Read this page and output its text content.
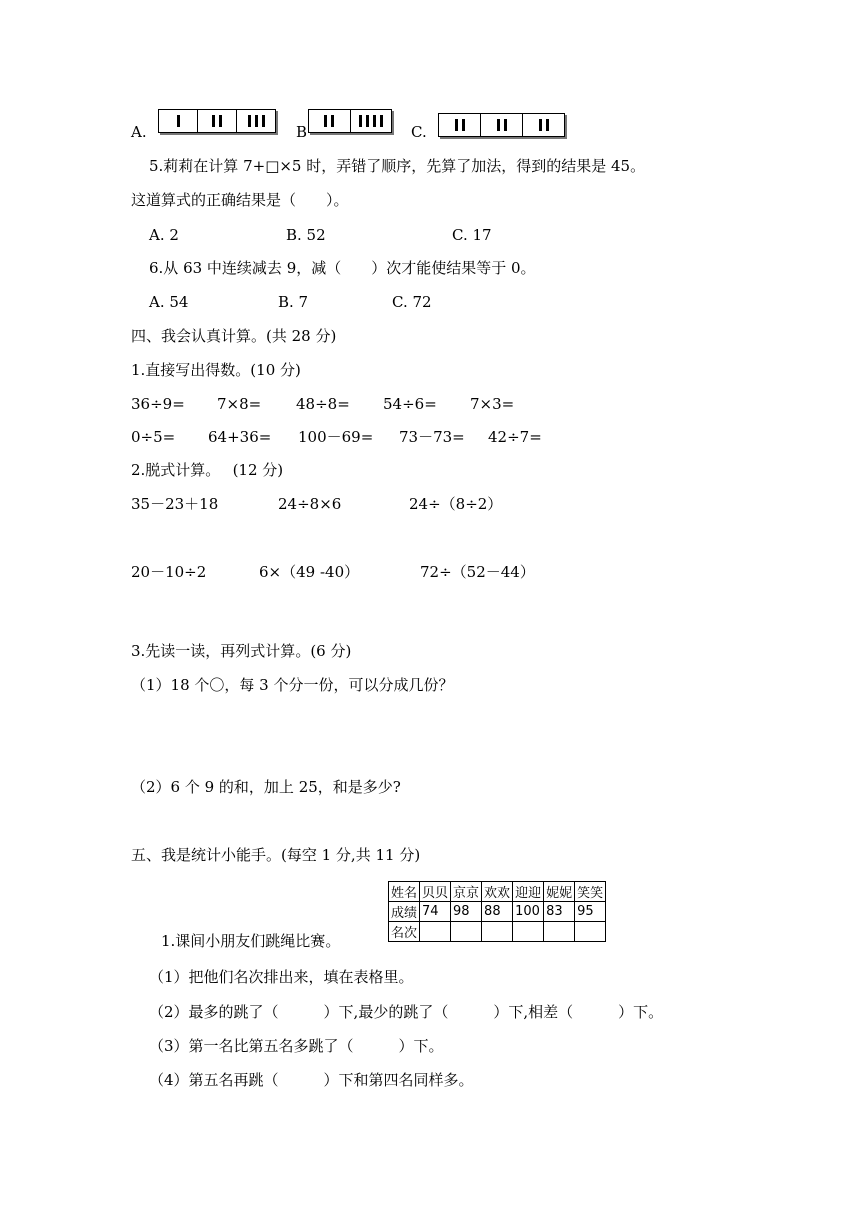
A.	B	C.
5.莉莉在计算 7+□×5 时，弄错了顺序，先算了加法，得到的结果是 45。
这道算式的正确结果是（　　）。
A. 2	B. 52	C. 17
6.从 63 中连续减去 9，减（　　）次才能使结果等于 0。
A. 54	B. 7	C. 72
四、我会认真计算。(共 28 分)
1.直接写出得数。(10 分)
36÷9= 7×8= 48÷8= 54÷6= 7×3=
0÷5= 64+36= 100－69= 73－73= 42÷7=
2.脱式计算。　 (12 分)
35－23＋18	24÷8×6	24÷（8÷2）
20－10÷2	6×（49 -40）	72÷（52－44）
3.先读一读，再列式计算。(6 分)
（1）18 个〇，每 3 个分一份，可以分成几份？
（2）6 个 9 的和，加上 25，和是多少?
五、我是统计小能手。(每空 1 分,共 11 分)
姓名	贝贝	京京	欢欢	迎迎	妮妮	笑笑
成绩	74	98	88	100	83	95
名次						
1.课间小朋友们跳绳比赛。
（1）把他们名次排出来，填在表格里。
（2）最多的跳了（　　　）下,最少的跳了（　　　）下,相差（　　　）下。
（3）第一名比第五名多跳了（　　　）下。
（4）第五名再跳（　　　）下和第四名同样多。
